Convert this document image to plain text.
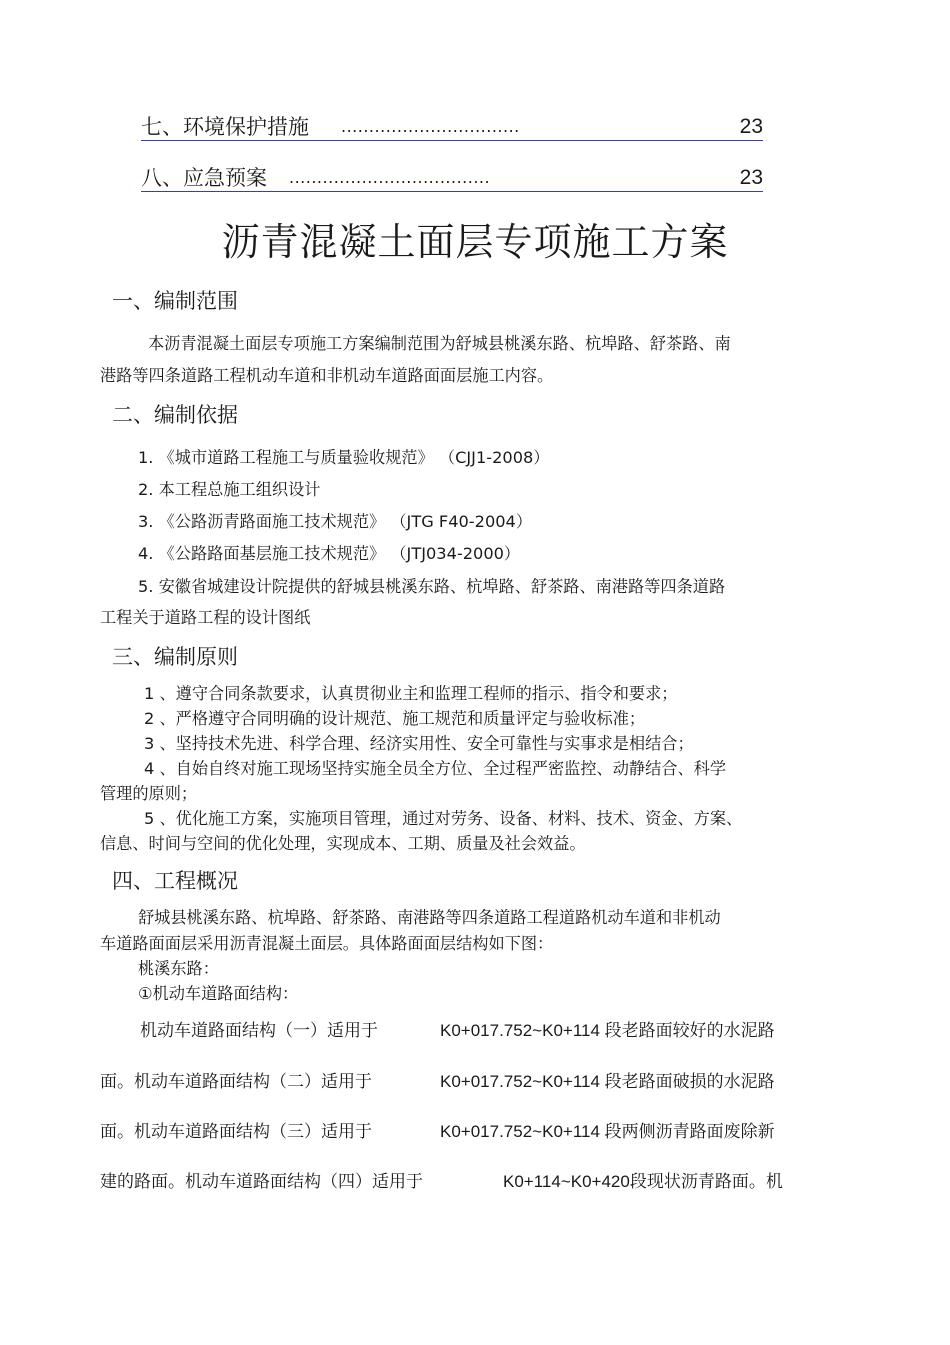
七、环境保护措施 ................................	23
八、应急预案 ....................................	23
沥青混凝土面层专项施工方案
一、编制范围
本沥青混凝土面层专项施工方案编制范围为舒城县桃溪东路、杭埠路、舒茶路、南
港路等四条道路工程机动车道和非机动车道路面面层施工内容。
二、编制依据
1. 《城市道路工程施工与质量验收规范》 （CJJ1-2008）
2. 本工程总施工组织设计
3. 《公路沥青路面施工技术规范》 （JTG F40-2004）
4. 《公路路面基层施工技术规范》 （JTJ034-2000）
5. 安徽省城建设计院提供的舒城县桃溪东路、杭埠路、舒茶路、南港路等四条道路
工程关于道路工程的设计图纸
三、编制原则
1 、遵守合同条款要求，认真贯彻业主和监理工程师的指示、指令和要求；
2 、严格遵守合同明确的设计规范、施工规范和质量评定与验收标准；
3 、坚持技术先进、科学合理、经济实用性、安全可靠性与实事求是相结合；
4 、自始自终对施工现场坚持实施全员全方位、全过程严密监控、动静结合、科学
管理的原则；
5 、优化施工方案，实施项目管理，通过对劳务、设备、材料、技术、资金、方案、
信息、时间与空间的优化处理，实现成本、工期、质量及社会效益。
四、工程概况
舒城县桃溪东路、杭埠路、舒茶路、南港路等四条道路工程道路机动车道和非机动
车道路面面层采用沥青混凝土面层。具体路面面层结构如下图：
桃溪东路：
①机动车道路面结构：
机动车道路面结构（一）适用于	K0+017.752~K0+114 段老路面较好的水泥路
面。机动车道路面结构（二）适用于	K0+017.752~K0+114 段老路面破损的水泥路
面。机动车道路面结构（三）适用于	K0+017.752~K0+114 段两侧沥青路面废除新
建的路面。机动车道路面结构（四）适用于	K0+114~K0+420段现状沥青路面。机
